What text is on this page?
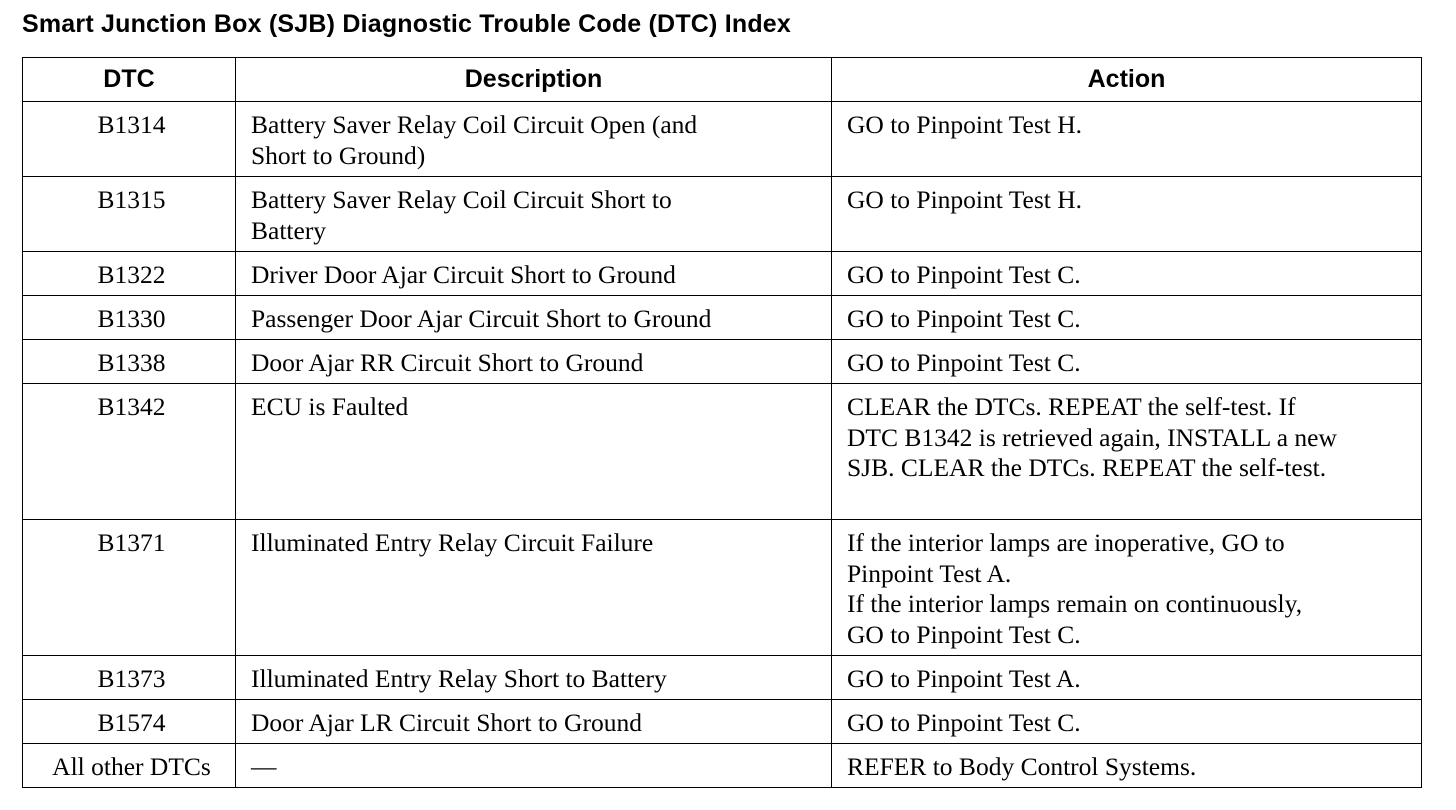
Smart Junction Box (SJB) Diagnostic Trouble Code (DTC) Index
DTC	Description	Action
B1314	Battery Saver Relay Coil Circuit Open (and
Short to Ground)	GO to Pinpoint Test H.

B1315	Battery Saver Relay Coil Circuit Short to
Battery	GO to Pinpoint Test H.

B1322	Driver Door Ajar Circuit Short to Ground	GO to Pinpoint Test C.

B1330	Passenger Door Ajar Circuit Short to Ground	GO to Pinpoint Test C.

B1338	Door Ajar RR Circuit Short to Ground	GO to Pinpoint Test C.

B1342	ECU is Faulted	CLEAR the DTCs. REPEAT the self-test. If
DTC B1342 is retrieved again, INSTALL a new
SJB. CLEAR the DTCs. REPEAT the self-test.

B1371	Illuminated Entry Relay Circuit Failure	If the interior lamps are inoperative, GO to
Pinpoint Test A.
If the interior lamps remain on continuously,
GO to Pinpoint Test C.

B1373	Illuminated Entry Relay Short to Battery	GO to Pinpoint Test A.

B1574	Door Ajar LR Circuit Short to Ground	GO to Pinpoint Test C.

All other DTCs	—	REFER to Body Control Systems.
